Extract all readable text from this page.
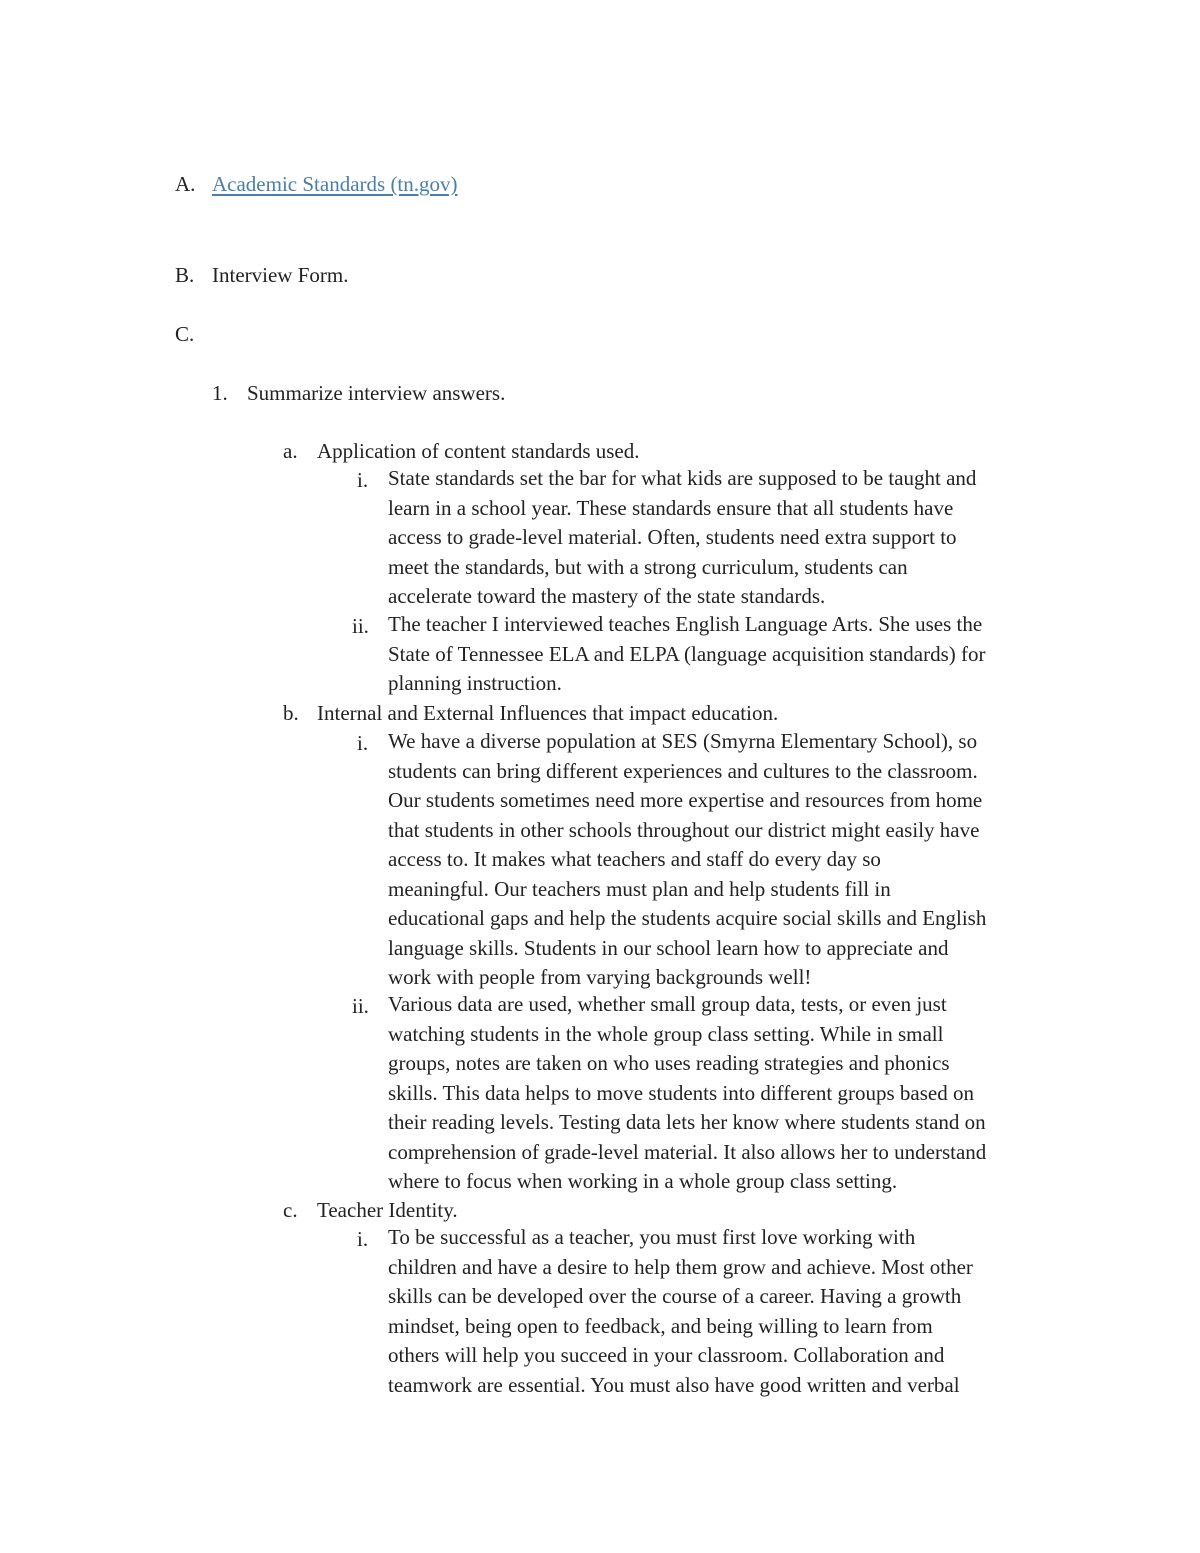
A. Academic Standards (tn.gov)
B. Interview Form.
C.
1. Summarize interview answers.
a. Application of content standards used.
i. State standards set the bar for what kids are supposed to be taught and
learn in a school year. These standards ensure that all students have
access to grade-level material. Often, students need extra support to
meet the standards, but with a strong curriculum, students can
accelerate toward the mastery of the state standards.

ii. The teacher I interviewed teaches English Language Arts. She uses the
State of Tennessee ELA and ELPA (language acquisition standards) for
planning instruction.

b. Internal and External Influences that impact education.
i. We have a diverse population at SES (Smyrna Elementary School), so
students can bring different experiences and cultures to the classroom.
Our students sometimes need more expertise and resources from home
that students in other schools throughout our district might easily have
access to. It makes what teachers and staff do every day so
meaningful. Our teachers must plan and help students fill in
educational gaps and help the students acquire social skills and English
language skills. Students in our school learn how to appreciate and
work with people from varying backgrounds well!

ii. Various data are used, whether small group data, tests, or even just
watching students in the whole group class setting. While in small
groups, notes are taken on who uses reading strategies and phonics
skills. This data helps to move students into different groups based on
their reading levels. Testing data lets her know where students stand on
comprehension of grade-level material. It also allows her to understand
where to focus when working in a whole group class setting.

c. Teacher Identity.
i. To be successful as a teacher, you must first love working with
children and have a desire to help them grow and achieve. Most other
skills can be developed over the course of a career. Having a growth
mindset, being open to feedback, and being willing to learn from
others will help you succeed in your classroom. Collaboration and
teamwork are essential. You must also have good written and verbal
